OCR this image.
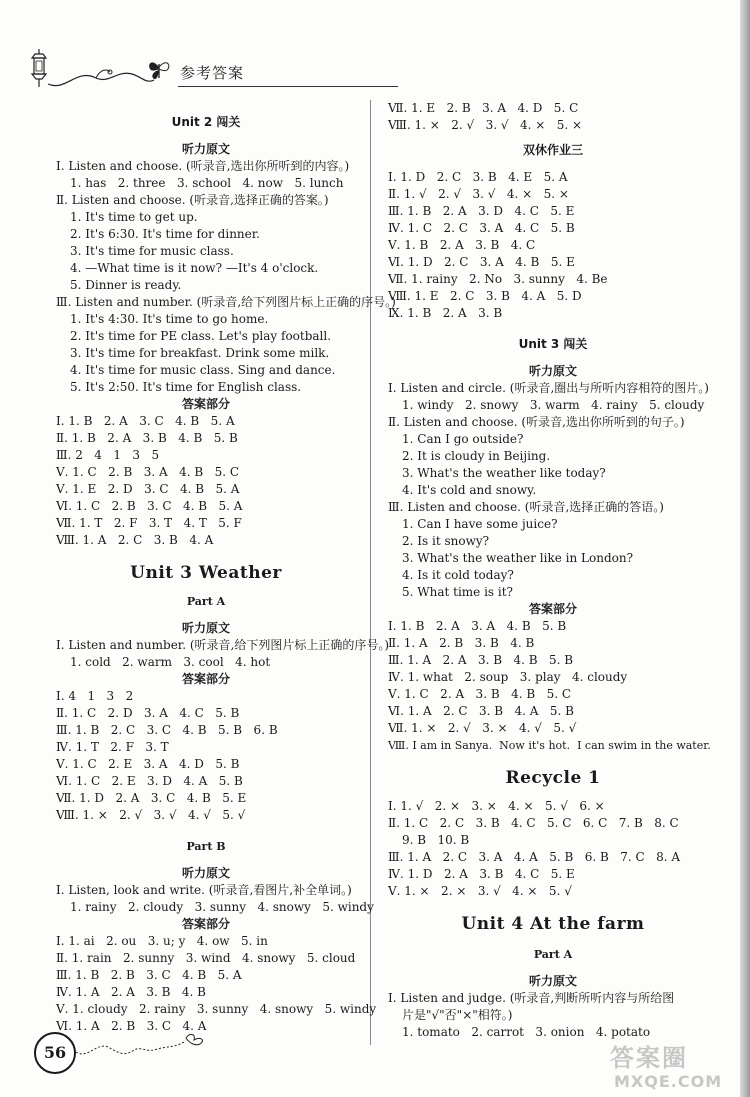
参考答案
Unit 2 闯关
听力原文
Ⅰ. Listen and choose. (听录音,选出你所听到的内容。)
1. has   2. three   3. school   4. now   5. lunch
Ⅱ. Listen and choose. (听录音,选择正确的答案。)
1. It's time to get up.
2. It's 6:30. It's time for dinner.
3. It's time for music class.
4. —What time is it now? —It's 4 o'clock.
5. Dinner is ready.
Ⅲ. Listen and number. (听录音,给下列图片标上正确的序号。)
1. It's 4:30. It's time to go home.
2. It's time for PE class. Let's play football.
3. It's time for breakfast. Drink some milk.
4. It's time for music class. Sing and dance.
5. It's 2:50. It's time for English class.
答案部分
Ⅰ. 1. B   2. A   3. C   4. B   5. A
Ⅱ. 1. B   2. A   3. B   4. B   5. B
Ⅲ. 2   4   1   3   5
Ⅴ. 1. C   2. B   3. A   4. B   5. C
Ⅴ. 1. E   2. D   3. C   4. B   5. A
Ⅵ. 1. C   2. B   3. C   4. B   5. A
Ⅶ. 1. T   2. F   3. T   4. T   5. F
Ⅷ. 1. A   2. C   3. B   4. A
Unit 3 Weather
Part A
听力原文
Ⅰ. Listen and number. (听录音,给下列图片标上正确的序号。)
1. cold   2. warm   3. cool   4. hot
答案部分
Ⅰ. 4   1   3   2
Ⅱ. 1. C   2. D   3. A   4. C   5. B
Ⅲ. 1. B   2. C   3. C   4. B   5. B   6. B
Ⅳ. 1. T   2. F   3. T
Ⅴ. 1. C   2. E   3. A   4. D   5. B
Ⅵ. 1. C   2. E   3. D   4. A   5. B
Ⅶ. 1. D   2. A   3. C   4. B   5. E
Ⅷ. 1. ×   2. √   3. √   4. √   5. √
Part B
听力原文
Ⅰ. Listen, look and write. (听录音,看图片,补全单词。)
1. rainy   2. cloudy   3. sunny   4. snowy   5. windy
答案部分
Ⅰ. 1. ai   2. ou   3. u; y   4. ow   5. in
Ⅱ. 1. rain   2. sunny   3. wind   4. snowy   5. cloud
Ⅲ. 1. B   2. B   3. C   4. B   5. A
Ⅳ. 1. A   2. A   3. B   4. B
Ⅴ. 1. cloudy   2. rainy   3. sunny   4. snowy   5. windy
Ⅵ. 1. A   2. B   3. C   4. A
Ⅶ. 1. E   2. B   3. A   4. D   5. C
Ⅷ. 1. ×   2. √   3. √   4. ×   5. ×
双休作业三
Ⅰ. 1. D   2. C   3. B   4. E   5. A
Ⅱ. 1. √   2. √   3. √   4. ×   5. ×
Ⅲ. 1. B   2. A   3. D   4. C   5. E
Ⅳ. 1. C   2. C   3. A   4. C   5. B
Ⅴ. 1. B   2. A   3. B   4. C
Ⅵ. 1. D   2. C   3. A   4. B   5. E
Ⅶ. 1. rainy   2. No   3. sunny   4. Be
Ⅷ. 1. E   2. C   3. B   4. A   5. D
Ⅸ. 1. B   2. A   3. B
Unit 3 闯关
听力原文
Ⅰ. Listen and circle. (听录音,圈出与所听内容相符的图片。)
1. windy   2. snowy   3. warm   4. rainy   5. cloudy
Ⅱ. Listen and choose. (听录音,选出你所听到的句子。)
1. Can I go outside?
2. It is cloudy in Beijing.
3. What's the weather like today?
4. It's cold and snowy.
Ⅲ. Listen and choose. (听录音,选择正确的答语。)
1. Can I have some juice?
2. Is it snowy?
3. What's the weather like in London?
4. Is it cold today?
5. What time is it?
答案部分
Ⅰ. 1. B   2. A   3. A   4. B   5. B
Ⅱ. 1. A   2. B   3. B   4. B
Ⅲ. 1. A   2. A   3. B   4. B   5. B
Ⅳ. 1. what   2. soup   3. play   4. cloudy
Ⅴ. 1. C   2. A   3. B   4. B   5. C
Ⅵ. 1. A   2. C   3. B   4. A   5. B
Ⅶ. 1. ×   2. √   3. ×   4. √   5. √
Ⅷ. I am in Sanya.  Now it's hot.  I can swim in the water.
Recycle 1
Ⅰ. 1. √   2. ×   3. ×   4. ×   5. √   6. ×
Ⅱ. 1. C   2. C   3. B   4. C   5. C   6. C   7. B   8. C
9. B   10. B
Ⅲ. 1. A   2. C   3. A   4. A   5. B   6. B   7. C   8. A
Ⅳ. 1. D   2. A   3. B   4. C   5. E
Ⅴ. 1. ×   2. ×   3. √   4. ×   5. √
Unit 4 At the farm
Part A
听力原文
Ⅰ. Listen and judge. (听录音,判断所听内容与所给图
片是"√"否"×"相符。)
1. tomato   2. carrot   3. onion   4. potato
56	答案圈
MXQE.COM
